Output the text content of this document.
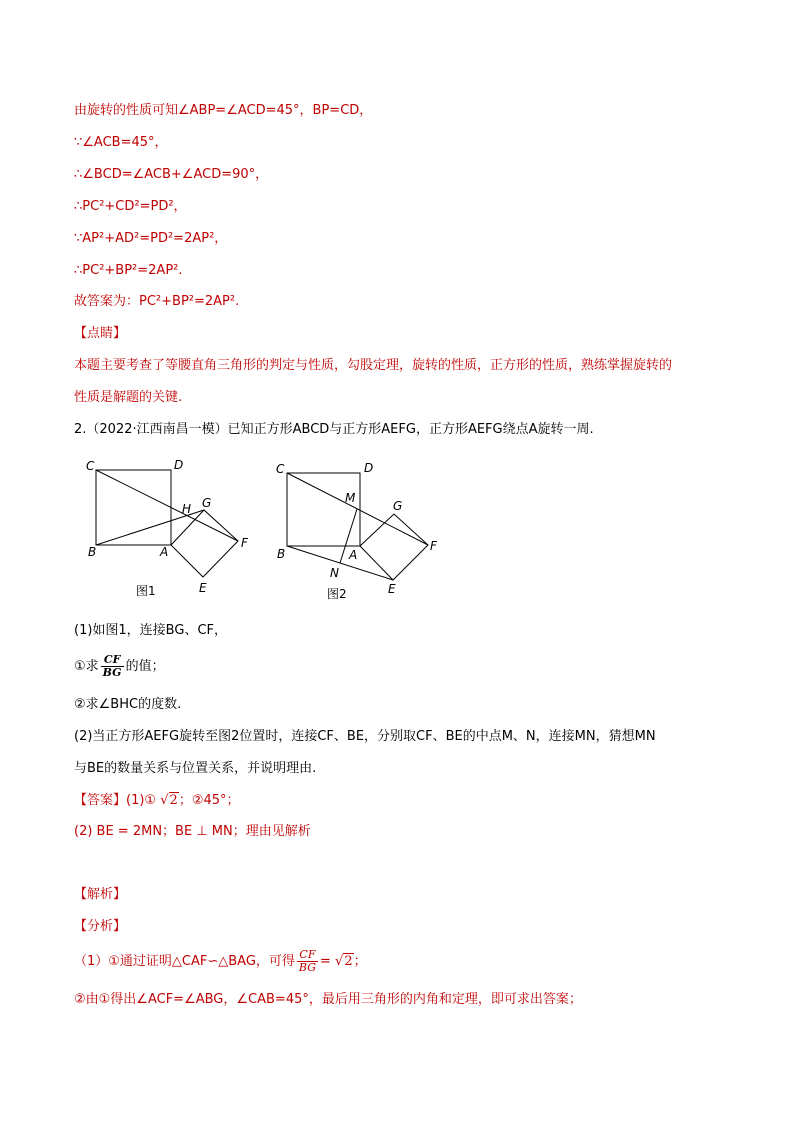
由旋转的性质可知∠ABP=∠ACD=45°，BP=CD，
∵∠ACB=45°，
∴∠BCD=∠ACB+∠ACD=90°，
∴PC²+CD²=PD²，
∵AP²+AD²=PD²=2AP²，
∴PC²+BP²=2AP².
故答案为：PC²+BP²=2AP².
【点睛】
本题主要考查了等腰直角三角形的判定与性质，勾股定理，旋转的性质，正方形的性质，熟练掌握旋转的
性质是解题的关键.
2.（2022·江西南昌一模）已知正方形ABCD与正方形AEFG，正方形AEFG绕点A旋转一周.
C	D
H G
B	A
F
E
图1
C	D
M
G
B	A
F
N
E
图2
(1)如图1，连接BG、CF，
①求 $\frac{CF}{BG}$ 的值；
②求∠BHC的度数.
(2)当正方形AEFG旋转至图2位置时，连接CF、BE，分别取CF、BE的中点M、N，连接MN，猜想MN
与BE的数量关系与位置关系，并说明理由.
【答案】(1)① √2；②45°；
(2) BE = 2MN；BE ⊥ MN；理由见解析
【解析】
【分析】
（1）①通过证明△CAF∽△BAG，可得 $\frac{CF}{BG} = √2$；
②由①得出∠ACF=∠ABG，∠CAB=45°，最后用三角形的内角和定理，即可求出答案；
